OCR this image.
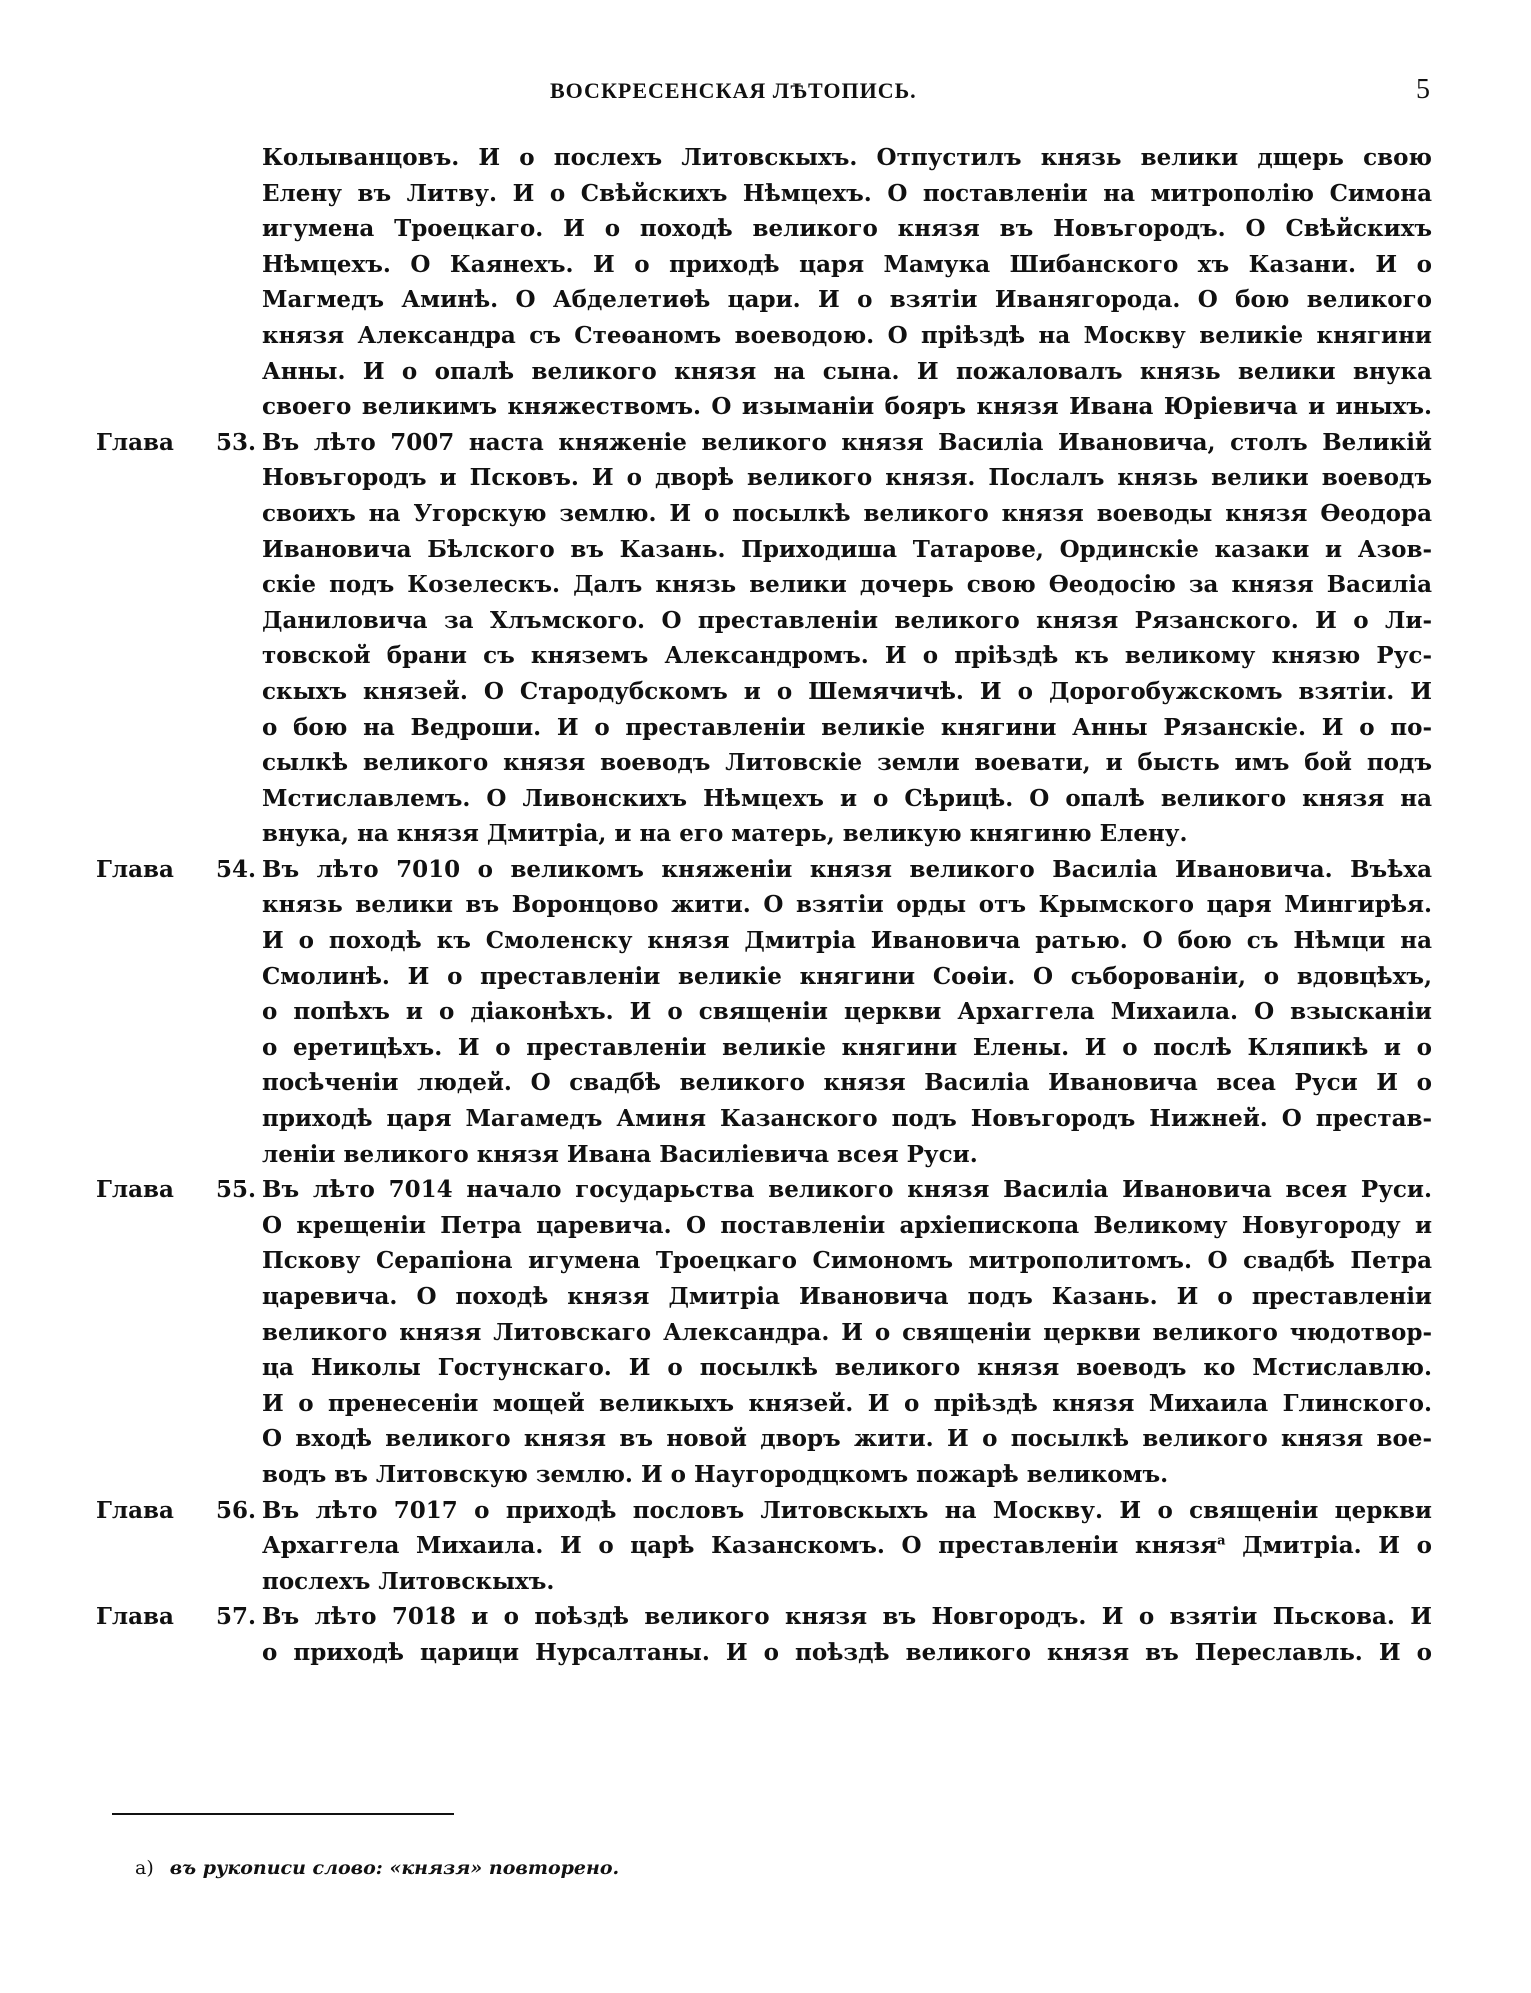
ВОСКРЕСЕНСКАЯ ЛѢТОПИСЬ.	5
Колыванцовъ. И о послехъ Литовскыхъ. Отпустилъ князь велики дщерь свою
Елену въ Литву. И о Свѣйскихъ Нѣмцехъ. О поставленіи на митрополію Симона
игумена Троецкаго. И о походѣ великого князя въ Новъгородъ. О Свѣйскихъ
Нѣмцехъ. О Каянехъ. И о приходѣ царя Мамука Шибанского хъ Казани. И о
Магмедъ Аминѣ. О Абделетиѳѣ цари. И о взятіи Иванягорода. О бою великого
князя Александра съ Стеѳаномъ воеводою. О пріѣздѣ на Москву великіе княгини
Анны. И о опалѣ великого князя на сына. И пожаловалъ князь велики внука
своего великимъ княжествомъ. О изыманіи бояръ князя Ивана Юріевича и иныхъ.
Глава 53. Въ лѣто 7007 наста княженіе великого князя Василіа Ивановича, столъ Великій
Новъгородъ и Псковъ. И о дворѣ великого князя. Послалъ князь велики воеводъ
своихъ на Угорскую землю. И о посылкѣ великого князя воеводы князя Ѳеодора
Ивановича Бѣлского въ Казань. Приходиша Татарове, Ординскіе казаки и Азов-
скіе подъ Козелескъ. Далъ князь велики дочерь свою Ѳеодосію за князя Василіа
Даниловича за Хлъмского. О преставленіи великого князя Рязанского. И о Ли-
товской брани съ княземъ Александромъ. И о пріѣздѣ къ великому князю Рус-
скыхъ князей. О Стародубскомъ и о Шемячичѣ. И о Дорогобужскомъ взятіи. И
о бою на Ведроши. И о преставленіи великіе княгини Анны Рязанскіе. И о по-
сылкѣ великого князя воеводъ Литовскіе земли воевати, и бысть имъ бой подъ
Мстиславлемъ. О Ливонскихъ Нѣмцехъ и о Сѣрицѣ. О опалѣ великого князя на
внука, на князя Дмитріа, и на его матерь, великую княгиню Елену.
Глава 54. Въ лѣто 7010 о великомъ княженіи князя великого Василіа Ивановича. Въѣха
князь велики въ Воронцово жити. О взятіи орды отъ Крымского царя Мингирѣя.
И о походѣ къ Смоленску князя Дмитріа Ивановича ратью. О бою съ Нѣмци на
Смолинѣ. И о преставленіи великіе княгини Соѳіи. О съборованіи, о вдовцѣхъ,
о попѣхъ и о діаконѣхъ. И о священіи церкви Архаггела Михаила. О взысканіи
о еретицѣхъ. И о преставленіи великіе княгини Елены. И о послѣ Кляпикѣ и о
посѣченіи людей. О свадбѣ великого князя Василіа Ивановича всеа Руси И о
приходѣ царя Магамедъ Аминя Казанского подъ Новъгородъ Нижней. О престав-
леніи великого князя Ивана Василіевича всея Руси.
Глава 55. Въ лѣто 7014 начало государьства великого князя Василіа Ивановича всея Руси.
О крещеніи Петра царевича. О поставленіи архіепископа Великому Новугороду и
Пскову Серапіона игумена Троецкаго Симономъ митрополитомъ. О свадбѣ Петра
царевича. О походѣ князя Дмитріа Ивановича подъ Казань. И о преставленіи
великого князя Литовскаго Александра. И о священіи церкви великого чюдотвор-
ца Николы Гостунскаго. И о посылкѣ великого князя воеводъ ко Мстиславлю.
И о пренесеніи мощей великыхъ князей. И о пріѣздѣ князя Михаила Глинского.
О входѣ великого князя въ новой дворъ жити. И о посылкѣ великого князя вое-
водъ въ Литовскую землю. И о Наугородцкомъ пожарѣ великомъ.
Глава 56. Въ лѣто 7017 о приходѣ пословъ Литовскыхъ на Москву. И о священіи церкви
Архаггела Михаила. И о царѣ Казанскомъ. О преставленіи князя$^а$ Дмитріа. И о
послехъ Литовскыхъ.
Глава 57. Въ лѣто 7018 и о поѣздѣ великого князя въ Новгородъ. И о взятіи Пьскова. И
о приходѣ царици Нурсалтаны. И о поѣздѣ великого князя въ Переславль. И о
а) въ рукописи слово: «князя» повторено.
